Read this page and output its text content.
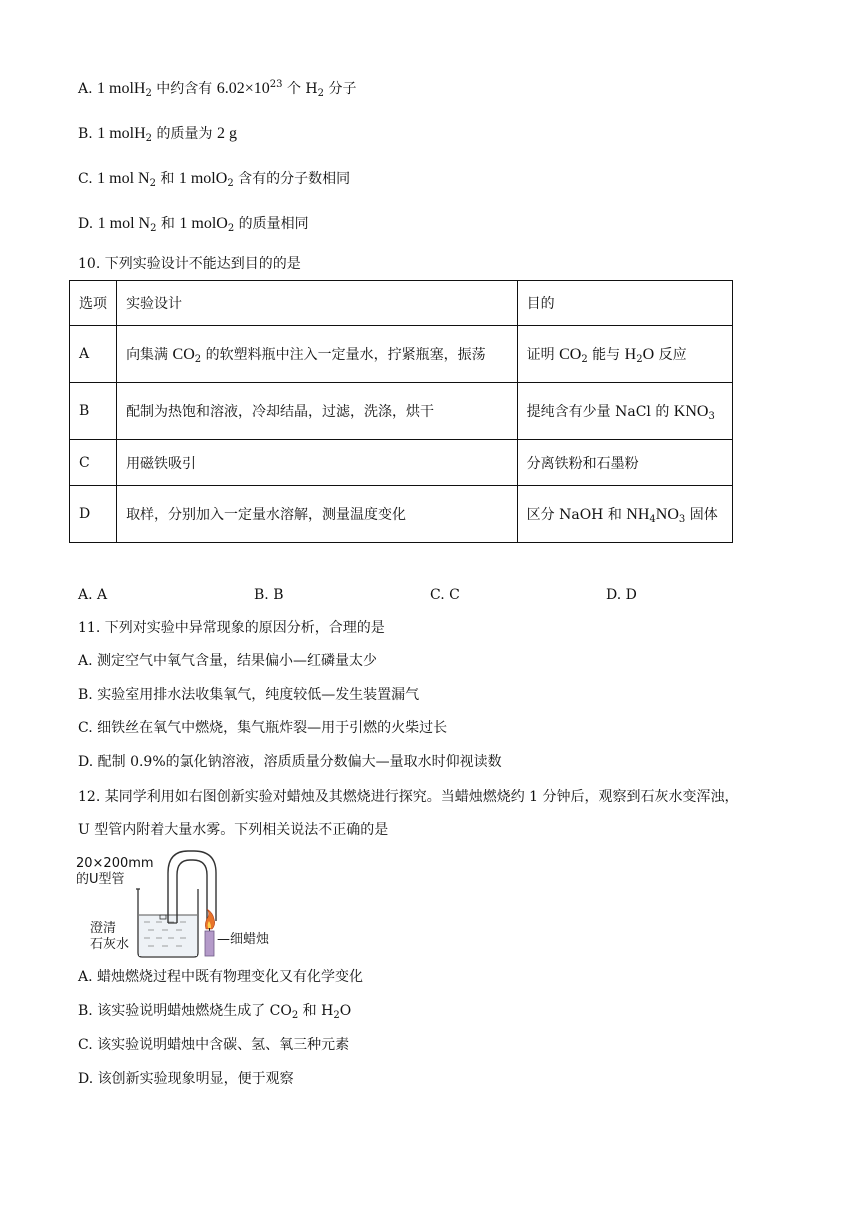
A. 1 molH$_2$ 中约含有 $6.02\times 10^{23}$ 个 $H_2$ 分子
B. 1 molH$_2$ 的质量为 2 g
C. 1 mol $N_2$ 和 1 molO$_2$ 含有的分子数相同
D. 1 mol $N_2$ 和 1 molO$_2$ 的质量相同
10. 下列实验设计不能达到目的的是
选项	实验设计	目的
A	向集满 $CO_2$ 的软塑料瓶中注入一定量水，拧紧瓶塞，振荡	证明 $CO_2$ 能与 $H_2O$ 反应
B	配制为热饱和溶液，冷却结晶，过滤，洗涤，烘干	提纯含有少量 NaCl 的 $KNO_3$
C	用磁铁吸引	分离铁粉和石墨粉
D	取样，分别加入一定量水溶解，测量温度变化	区分 NaOH 和 $NH_4NO_3$ 固体
A. A	B. B	C. C	D. D
11. 下列对实验中异常现象的原因分析，合理的是
A. 测定空气中氧气含量，结果偏小—红磷量太少
B. 实验室用排水法收集氧气，纯度较低—发生装置漏气
C. 细铁丝在氧气中燃烧，集气瓶炸裂—用于引燃的火柴过长
D. 配制 0.9%的氯化钠溶液，溶质质量分数偏大—量取水时仰视读数
12. 某同学利用如右图创新实验对蜡烛及其燃烧进行探究。当蜡烛燃烧约 1 分钟后，观察到石灰水变浑浊，
U 型管内附着大量水雾。下列相关说法不正确的是
20×200mm
的U型管
澄清
石灰水	—细蜡烛
A. 蜡烛燃烧过程中既有物理变化又有化学变化
B. 该实验说明蜡烛燃烧生成了 $CO_2$ 和 $H_2O$
C. 该实验说明蜡烛中含碳、氢、氧三种元素
D. 该创新实验现象明显，便于观察
